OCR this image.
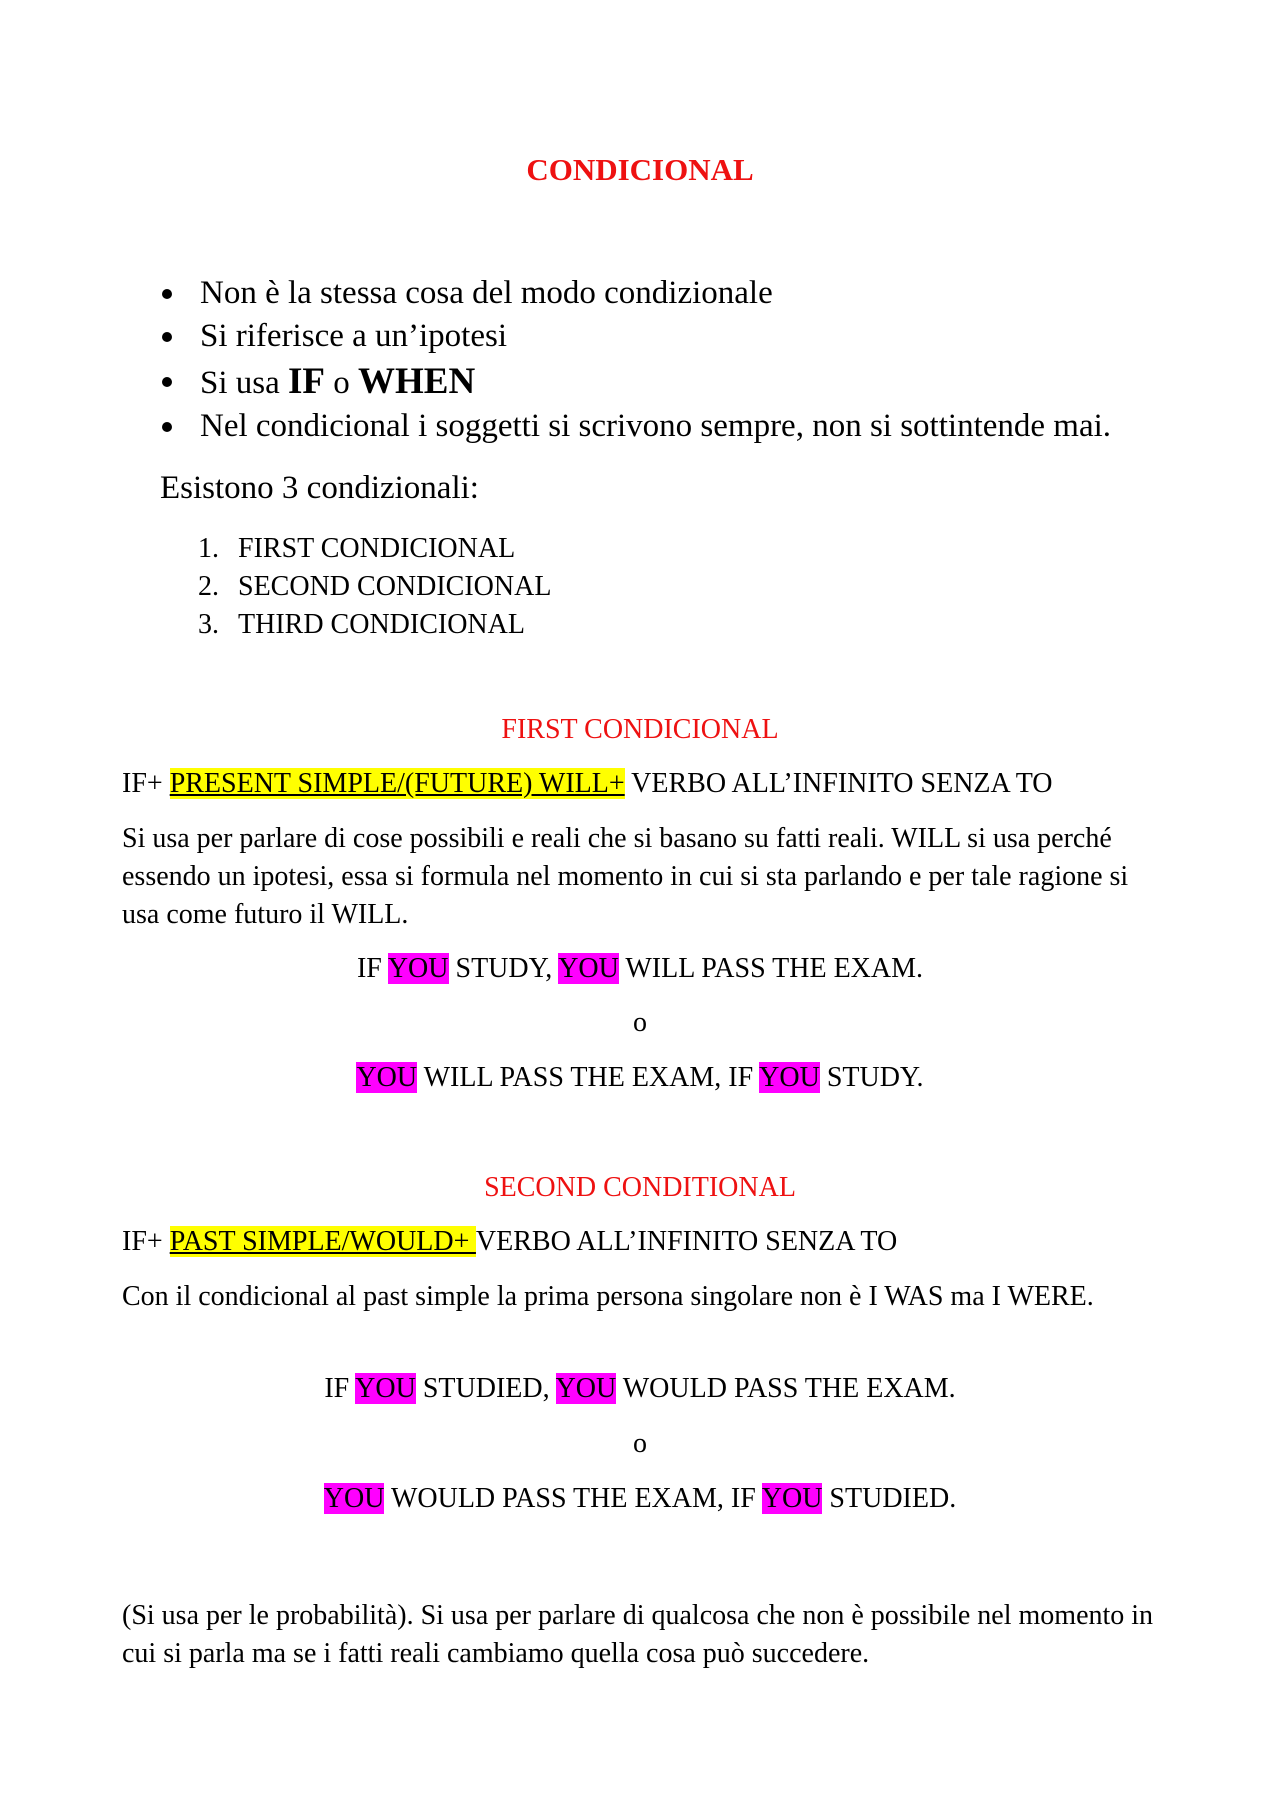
CONDICIONAL
Non è la stessa cosa del modo condizionale
Si riferisce a un’ipotesi
Si usa IF o WHEN
Nel condicional i soggetti si scrivono sempre, non si sottintende mai.
Esistono 3 condizionali:
1. FIRST CONDICIONAL
2. SECOND CONDICIONAL
3. THIRD CONDICIONAL
FIRST CONDICIONAL
IF+ PRESENT SIMPLE/(FUTURE) WILL+ VERBO ALL’INFINITO SENZA TO
Si usa per parlare di cose possibili e reali che si basano su fatti reali. WILL si usa perché essendo un ipotesi, essa si formula nel momento in cui si sta parlando e per tale ragione si usa come futuro il WILL.
IF YOU STUDY, YOU WILL PASS THE EXAM.
o
YOU WILL PASS THE EXAM, IF YOU STUDY.
SECOND CONDITIONAL
IF+ PAST SIMPLE/WOULD+ VERBO ALL’INFINITO SENZA TO
Con il condicional al past simple la prima persona singolare non è I WAS ma I WERE.
IF YOU STUDIED, YOU WOULD PASS THE EXAM.
o
YOU WOULD PASS THE EXAM, IF YOU STUDIED.
(Si usa per le probabilità). Si usa per parlare di qualcosa che non è possibile nel momento in cui si parla ma se i fatti reali cambiamo quella cosa può succedere.
